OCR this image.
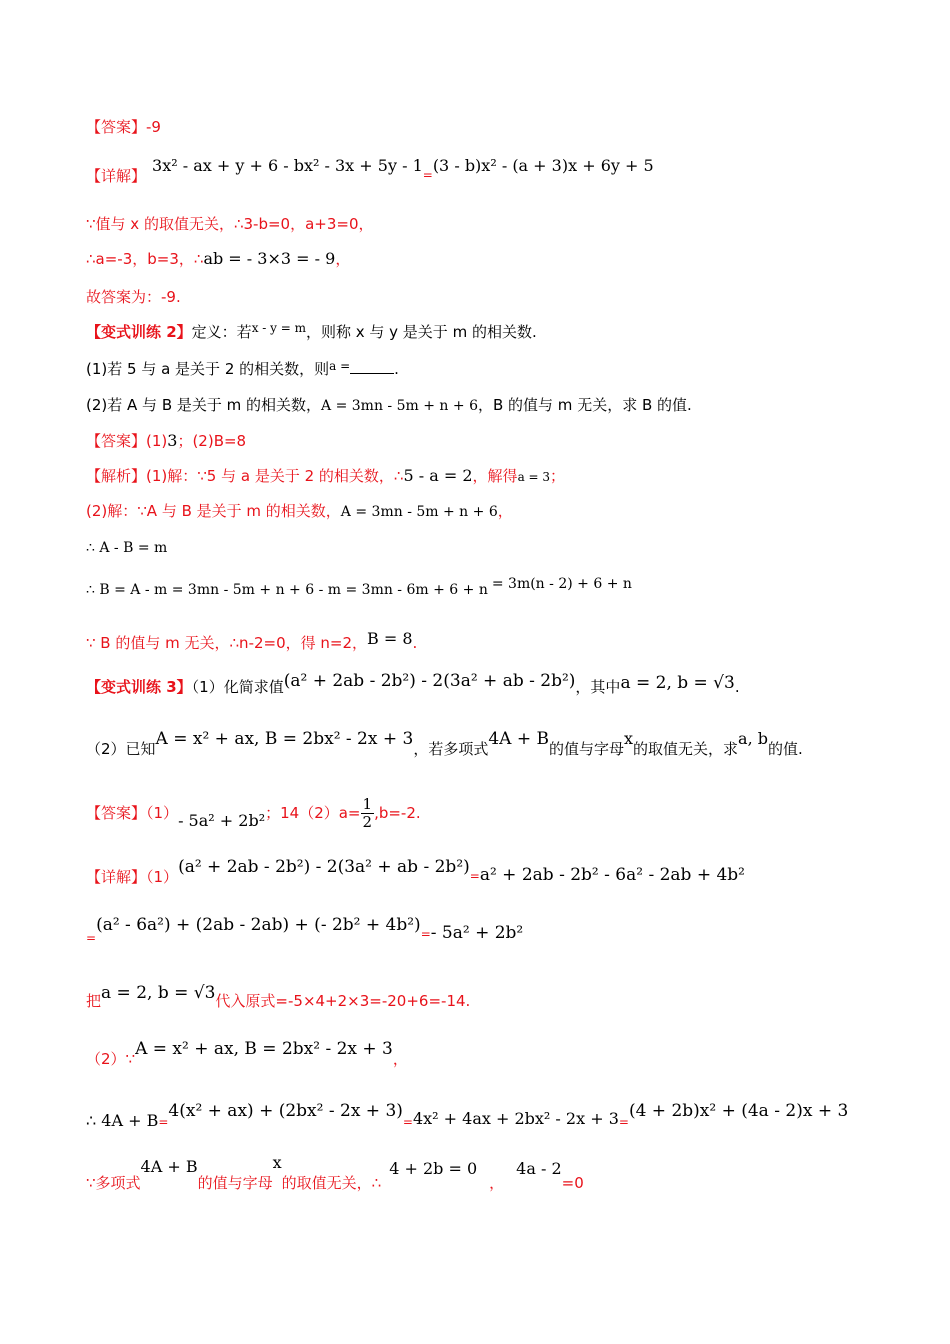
【答案】-9
【详解】3x² - ax + $y + 6 - bx^2 - 3x + 5y - 1_=(3 - b)x^2 - (a + 3)x + 6y + 5$
∵值与 x 的取值无关，∴3-b=0，a+3=0，
∴a=-3，b=3，∴ab = - 3×3 = - 9，
故答案为：-9.
【变式训练 2】定义：若$^{x - y = m}$，则称 x 与 y 是关于 m 的相关数.
(1)若 5 与 a 是关于 2 的相关数，则$^{a =}$	.
(2)若 A 与 B 是关于 m 的相关数，A = 3mn - 5m + n + 6，B 的值与 m 无关，求 B 的值.
【答案】(1)3；(2)B=8
【解析】(1)解：∵5 与 a 是关于 2 的相关数，∴5 - a = 2，解得a = 3；
(2)解：∵A 与 B 是关于 m 的相关数，A = 3mn - 5m + n + 6，
∴ A - B = m
∴ B = A - m = 3mn - 5m + n + 6 - m = 3mn - 6m + 6 + n = 3m(n - 2) + 6 + n
∵ B 的值与 m 无关，∴n-2=0，得 n=2，B = 8.
【变式训练 3】（1）化简求值(a² + 2ab - 2b²) - 2(3a² + ab - 2b²)，其中a = 2, b = √3.
（2）已知A = x² + ax, B = 2bx² - 2x + 3，若多项式4A + B的值与字母x的取值无关，求a, b的值.
【答案】（1）- 5a² + 2b²；$14(2)a= \frac{1}{2} ,b=-2$.
【详解】（1）(a² + 2ab - 2b²) - 2(3a² + ab - $2b^2)_=a^2 + 2ab - 2b^2 - 6a^2 - 2ab + 4b^2$
$_=$(a² - 6a²) + (2ab - 2ab) + (- $2b^2 + 4b^2)_=-$ 5a² + 2b²
把a = 2, b = √3代入原式=-5×4+2×3=-20+6=-14.
（2）∵A = x² + ax, B = 2bx² - 2x + 3，
∴ $4A + B_=4(x^2 + ax) + (2bx^2 - 2x + 3)_=4x^2 + 4ax + 2bx^2 - 2x + 3_=(4 + 2b)x^2 + (4a - 2)x + 3$
∵多项式4A + B的值与字母x的取值无关，∴4 + 2b = 0，4a - 2=0
